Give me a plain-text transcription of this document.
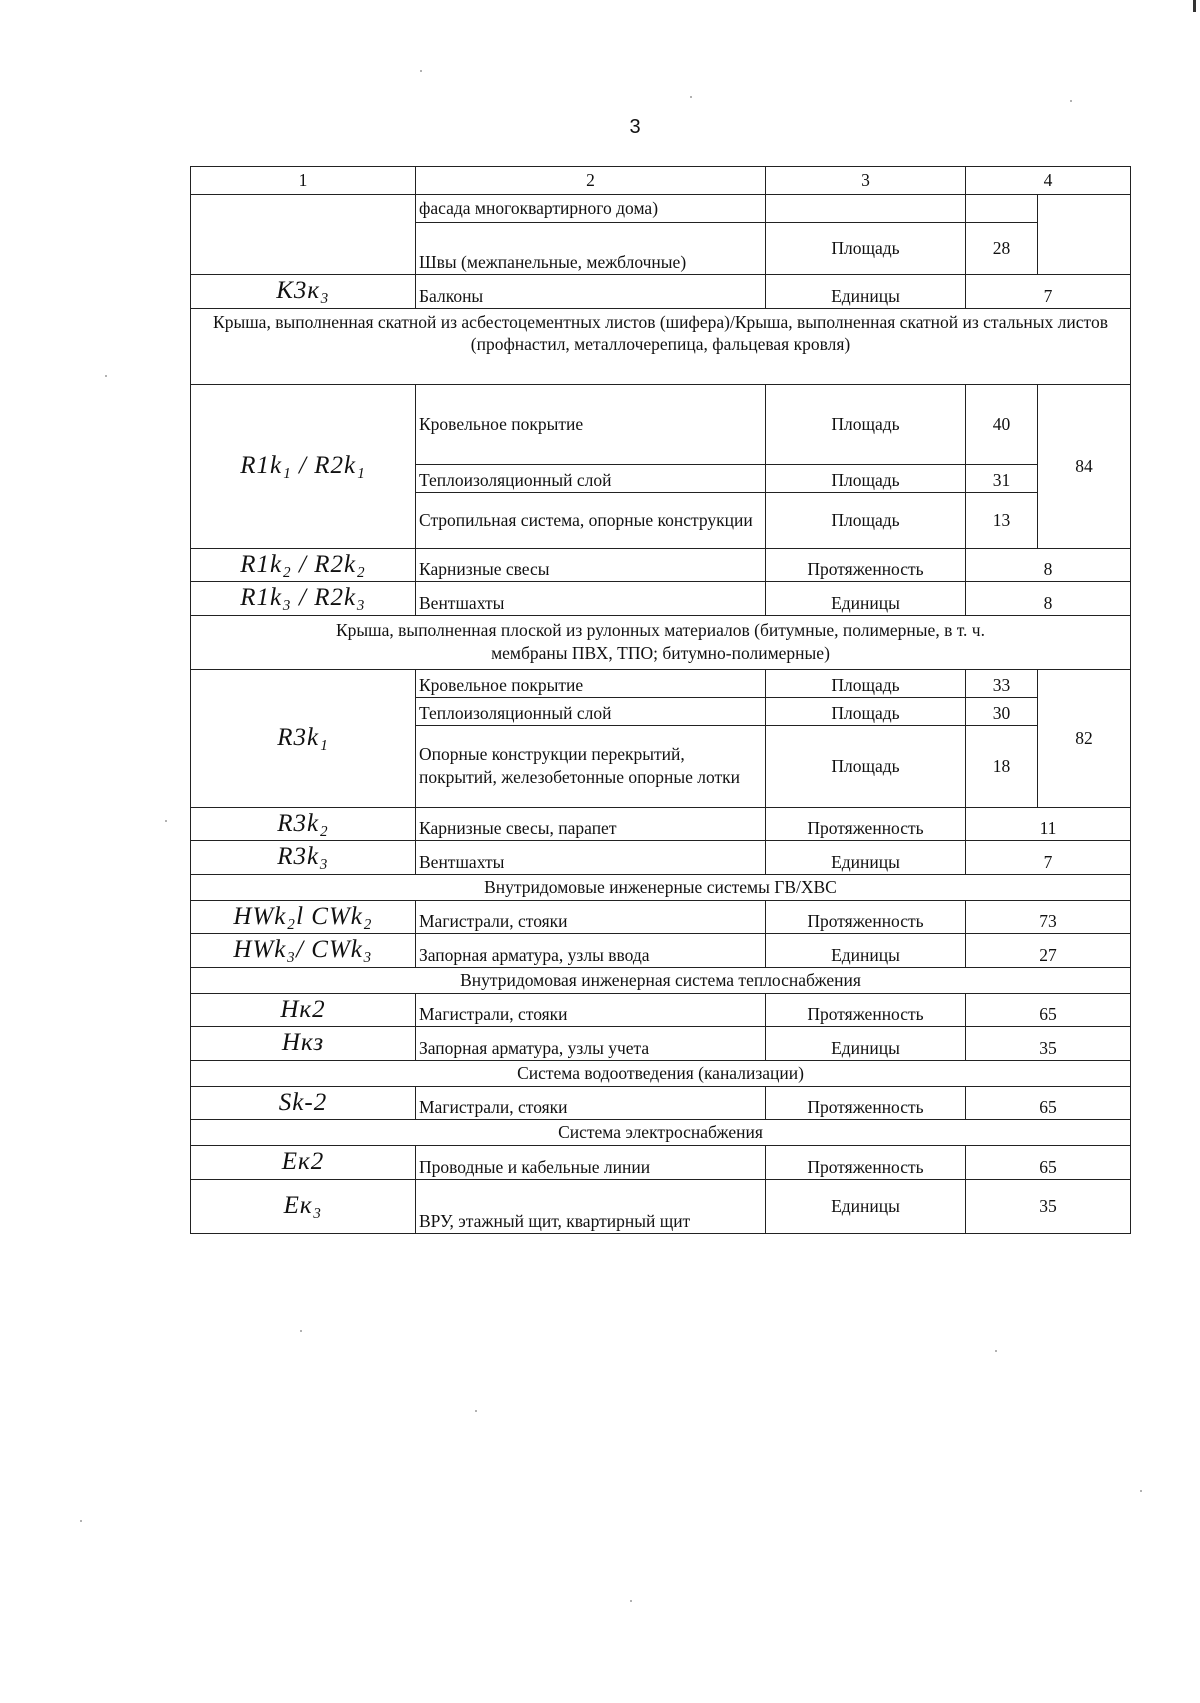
3
1	2	3	4	
	фасада многоквартирного дома)			
	Швы (межпанельные, межблочные)	Площадь	28	
К3к₃	Балконы	Единицы	7	
Крыша, выполненная скатной из асбестоцементных листов (шифера)/Крыша, выполненная скатной из стальных листов (профнастил, металлочерепица, фальцевая кровля)				
R1k₁ / R2k₁	Кровельное покрытие	Площадь	40	84
	Теплоизоляционный слой	Площадь	31	
	Стропильная система, опорные конструкции	Площадь	13	
R1k₂ / R2k₂	Карнизные свесы	Протяженность	8	
R1k₃ / R2k₃	Вентшахты	Единицы	8	
Крыша, выполненная плоской из рулонных материалов (битумные, полимерные, в т. ч. мембраны ПВХ, ТПО; битумно-полимерные)				
R3k₁	Кровельное покрытие	Площадь	33	82
	Теплоизоляционный слой	Площадь	30	
	Опорные конструкции перекрытий, покрытий, железобетонные опорные лотки	Площадь	18	
R3k₂	Карнизные свесы, парапет	Протяженность	11	
R3k₃	Вентшахты	Единицы	7	
Внутридомовые инженерные системы ГВ/ХВС				
HWk₂l CWk₂	Магистрали, стояки	Протяженность	73	
HWk₃/ CWk₃	Запорная арматура, узлы ввода	Единицы	27	
Внутридомовая инженерная система теплоснабжения				
Нк2	Магистрали, стояки	Протяженность	65	
Нкз	Запорная арматура, узлы учета	Единицы	35	
Система водоотведения (канализации)				
Sk-2	Магистрали, стояки	Протяженность	65	
Система электроснабжения				
Ек2	Проводные и кабельные линии	Протяженность	65	
Ек₃	ВРУ, этажный щит, квартирный щит	Единицы	35	
